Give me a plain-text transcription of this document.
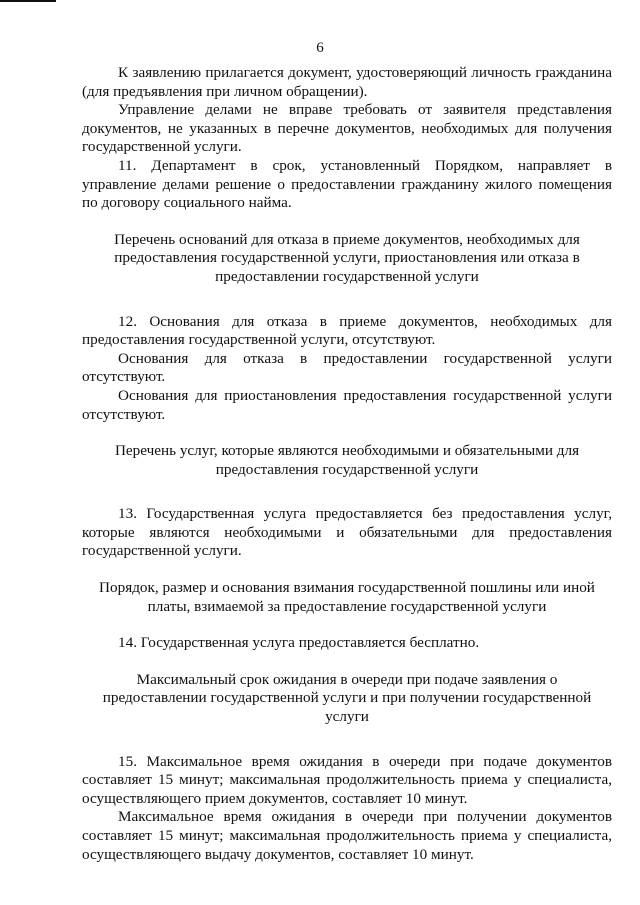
6

К заявлению прилагается документ, удостоверяющий личность гражданина (для предъявления при личном обращении).

Управление делами не вправе требовать от заявителя представления документов, не указанных в перечне документов, необходимых для получения государственной услуги.

11. Департамент в срок, установленный Порядком, направляет в управление делами решение о предоставлении гражданину жилого помещения по договору социального найма.

Перечень оснований для отказа в приеме документов, необходимых для предоставления государственной услуги, приостановления или отказа в предоставлении государственной услуги

12. Основания для отказа в приеме документов, необходимых для предоставления государственной услуги, отсутствуют.

Основания для отказа в предоставлении государственной услуги отсутствуют.

Основания для приостановления предоставления государственной услуги отсутствуют.

Перечень услуг, которые являются необходимыми и обязательными для предоставления государственной услуги

13. Государственная услуга предоставляется без предоставления услуг, которые являются необходимыми и обязательными для предоставления государственной услуги.

Порядок, размер и основания взимания государственной пошлины или иной платы, взимаемой за предоставление государственной услуги

14. Государственная услуга предоставляется бесплатно.

Максимальный срок ожидания в очереди при подаче заявления о предоставлении государственной услуги и при получении государственной услуги

15. Максимальное время ожидания в очереди при подаче документов составляет 15 минут; максимальная продолжительность приема у специалиста, осуществляющего прием документов, составляет 10 минут.

Максимальное время ожидания в очереди при получении документов составляет 15 минут; максимальная продолжительность приема у специалиста, осуществляющего выдачу документов, составляет 10 минут.
